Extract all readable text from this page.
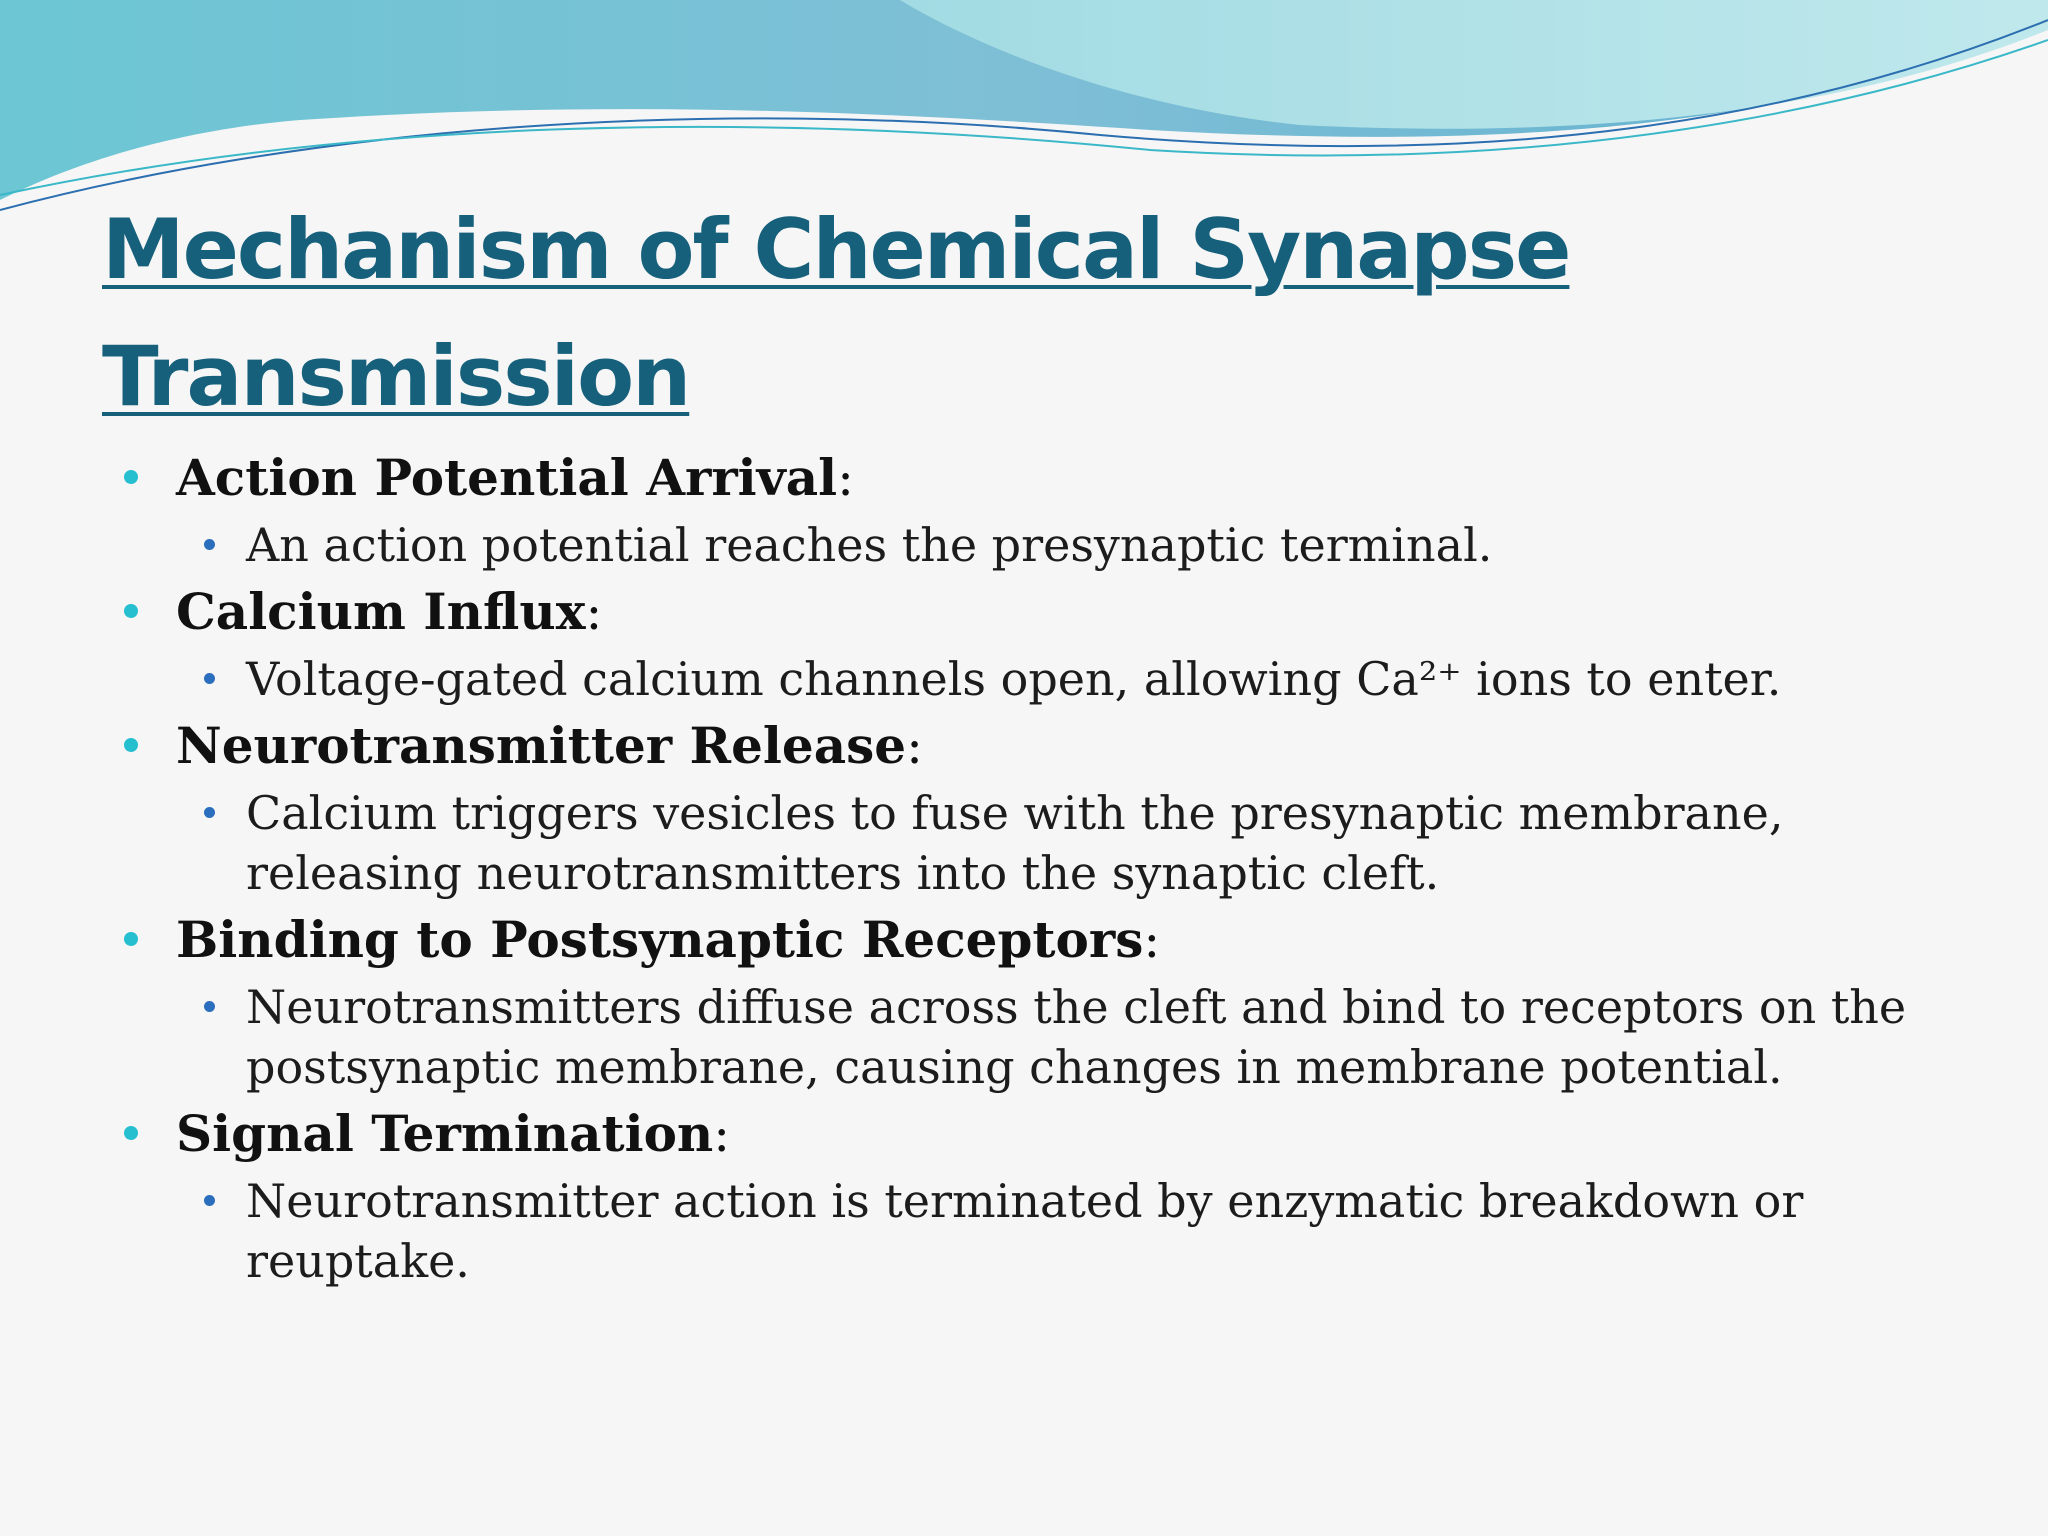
Mechanism of Chemical Synapse Transmission
Action Potential Arrival:
An action potential reaches the presynaptic terminal.
Calcium Influx:
Voltage-gated calcium channels open, allowing Ca²⁺ ions to enter.
Neurotransmitter Release:
Calcium triggers vesicles to fuse with the presynaptic membrane, releasing neurotransmitters into the synaptic cleft.
Binding to Postsynaptic Receptors:
Neurotransmitters diffuse across the cleft and bind to receptors on the postsynaptic membrane, causing changes in membrane potential.
Signal Termination:
Neurotransmitter action is terminated by enzymatic breakdown or reuptake.
